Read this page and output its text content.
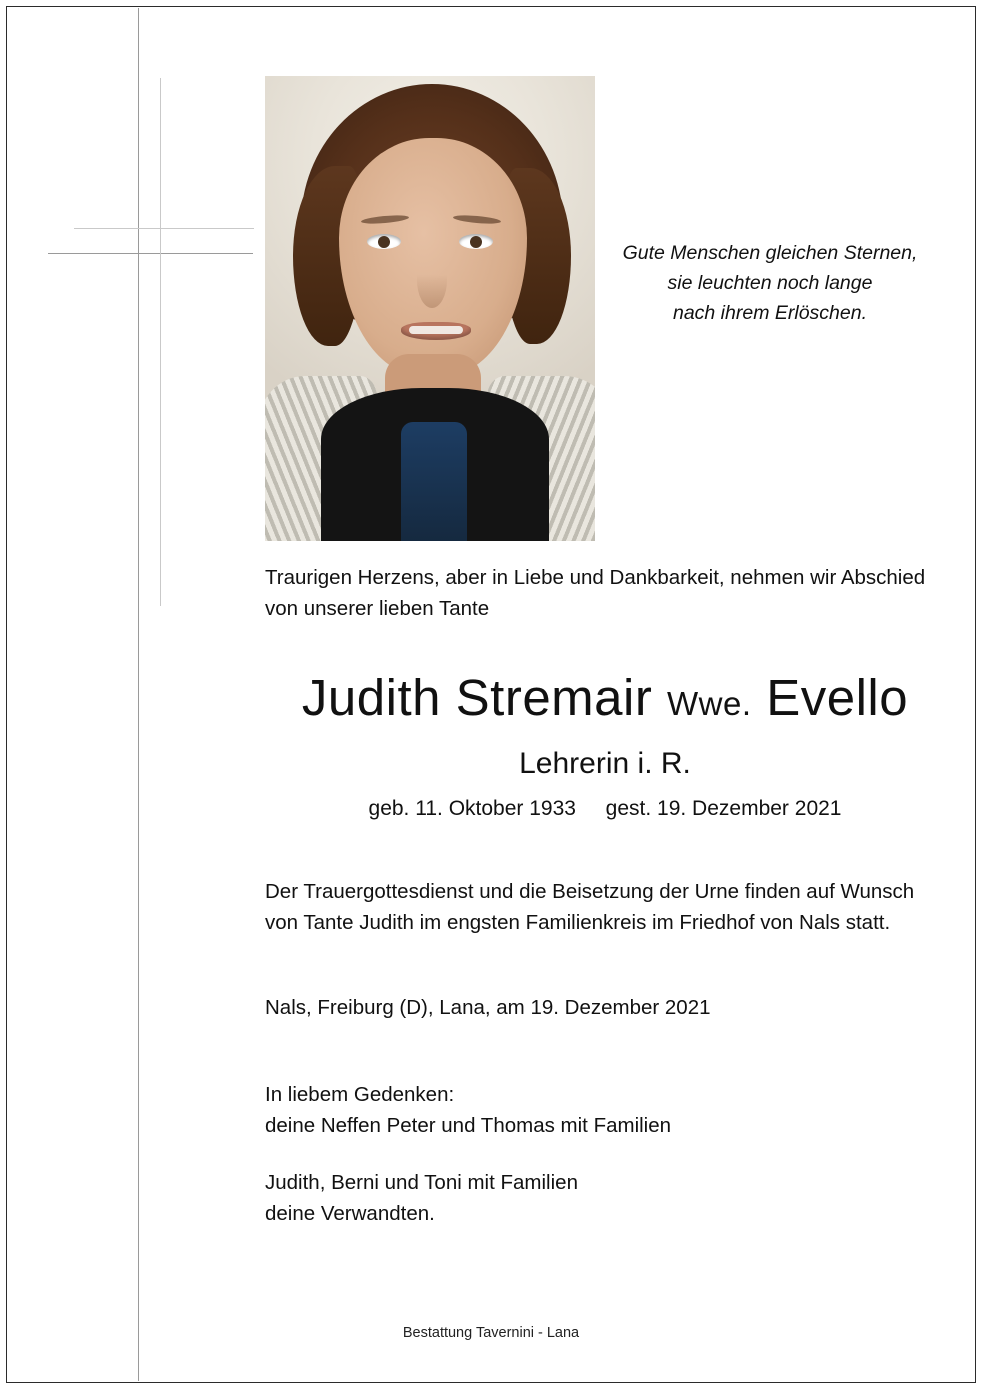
Gute Menschen gleichen Sternen,
sie leuchten noch lange
nach ihrem Erlöschen.
Traurigen Herzens, aber in Liebe und Dankbarkeit, nehmen wir Abschied von unserer lieben Tante
Judith Stremair Wwe. Evello
Lehrerin i. R.
geb. 11. Oktober 1933 gest. 19. Dezember 2021
Der Trauergottesdienst und die Beisetzung der Urne finden auf Wunsch von Tante Judith im engsten Familienkreis im Friedhof von Nals statt.
Nals, Freiburg (D), Lana, am 19. Dezember 2021
In liebem Gedenken:
deine Neffen Peter und Thomas mit Familien
Judith, Berni und Toni mit Familien
deine Verwandten.
Bestattung Tavernini - Lana
